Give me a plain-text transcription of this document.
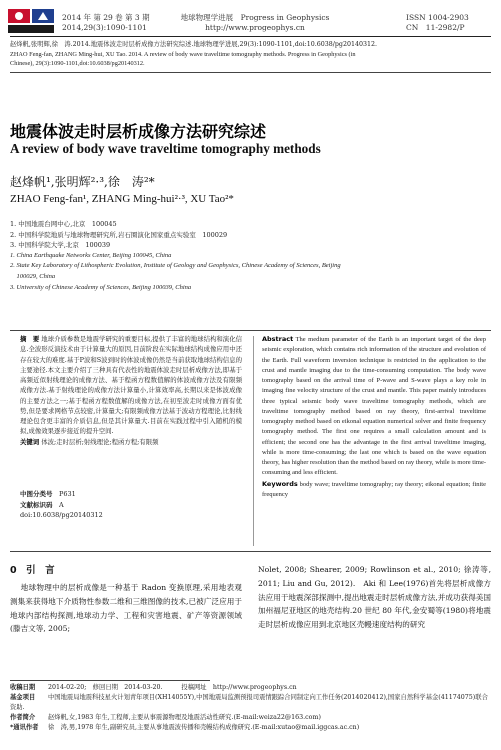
2014 年 第 29 卷 第 3 期
2014,29(3):1090-1101
地球物理学进展　Progress in Geophysics
http://www.progeophys.cn
ISSN 1004-2903
CN　11-2982/P
赵烽帆,张明辉,徐　涛.2014.地震体波走时层析成像方法研究综述.地球物理学进展,29(3):1090-1101,doi:10.6038/pg20140312.
ZHAO Feng-fan, ZHANG Ming-hui, XU Tao. 2014. A review of body wave traveltime tomography methods. Progress in Geophysics (in
Chinese), 29(3):1090-1101,doi:10.6038/pg20140312.
地震体波走时层析成像方法研究综述
A review of body wave traveltime tomography methods
赵烽帆¹,张明辉²·³,徐　涛²*
ZHAO Feng-fan¹, ZHANG Ming-hui²·³, XU Tao²*
1. 中国地震台网中心,北京　100045
2. 中国科学院地质与地球物理研究所,岩石圈演化国家重点实验室　100029
3. 中国科学院大学,北京　100039
1. China Earthquake Networks Center, Beijing 100045, China
2. State Key Laboratory of Lithospheric Evolution, Institute of Geology and Geophysics, Chinese Academy of Sciences, Beijing
　100029, China
3. University of Chinese Academy of Sciences, Beijing 100039, China
摘　要 地球介质参数是地震学研究的重要目标,提供了丰富的地球结构和演化信息.全波形反演技术由于计算量大的原因,目前阶段在实际地球结构成像应用中还存在较大的难度.基于P波和S波到时的体波成像仍然是当前获取地球结构信息的主要途径.本文主要介绍了三种具有代表性的地震体波走时层析成像方法,即基于高频近似射线理论的成像方法、基于程函方程数值解的体波成像方法及有限频成像方法.基于射线理论的成像方法计算量小,计算效率高,长期以来是体波成像的主要方法之一;基于程函方程数值解的成像方法,在初至波走时成像方面有优势,但是要求网格节点较密,计算量大;有限频成像方法基于波动方程理论,比射线理论包含更丰富的介质信息,但是其计算量大.目前在实践过程中引入随机的模拟,成像效果逐步接近的提升空间.
关键词 体波;走时层析;射线理论;程函方程;有限频
中图分类号　 P631
文献标识码　 A
doi:10.6038/pg20140312
Abstract The medium parameter of the Earth is an important target of the deep seismic exploration, which contains rich information of the structure and evolution of the Earth. Full waveform inversion technique is restricted in the application to the crust and mantle imaging due to the time-consuming computation. The body wave tomography based on the arrival time of P-wave and S-wave plays a key role in imaging fine velocity structure of the crust and mantle. This paper mainly introduces three typical seismic body wave traveltime tomography methods, which are traveltime tomography method based on ray theory, first-arrival traveltime tomography method based on eikonal equation numerical solver and finite frequency tomography method. The first one requires a small calculation amount and is efficient; the second one has the advantage in the first arrival traveltime imaging, while is more time-consuming; the last one which is based on the wave equation theory, has higher resolution than the method based on ray theory, while is more time-consuming and less efficient.
Keywords body wave; traveltime tomography; ray theory; eikonal equation; finite frequency
0　 引　言
地球物理中的层析成像是一种基于 Radon 变换原理,采用地表观测集来获得地下介质物性参数二维和三维图像的技术,已被广泛应用于地球内部结构探测,地球动力学、工程和灾害地震、矿产等资源领域(滕吉文等, 2005;
Nolet, 2008; Shearer, 2009; Rowlinson et al., 2010; 徐涛等, 2011; Liu and Gu, 2012).　Aki 和 Lee(1976)首先将层析成像方法应用于地震深部探测中,提出地震走时层析成像方法,并成功获得美国加州福尼亚地区的地壳结构.20 世纪 80 年代,金安蜀等(1980)将地震走时层析成像应用到北京地区壳幔速度结构的研究
收稿日期 2014-02-20;　修回日期　2014-03-20.　　　投稿网址　http://www.progeophys.cn
基金项目 中国地震局地震科技星火计划青年项目(XH14055Y),中国地震局监测预报司震情跟踪合同制定向工作任务(2014020412),国家自然科学基金(41174075)联合资助.
作者简介 赵烽帆,女,1983 年生,工程师,主要从事震源物理及地震活动性研究.(E-mail:weiza22@163.com)
*通讯作者 徐　涛,男,1978 年生,副研究员,主要从事地震波传播和壳幔结构成像研究.(E-mail:xutao@mail.iggcas.ac.cn)
